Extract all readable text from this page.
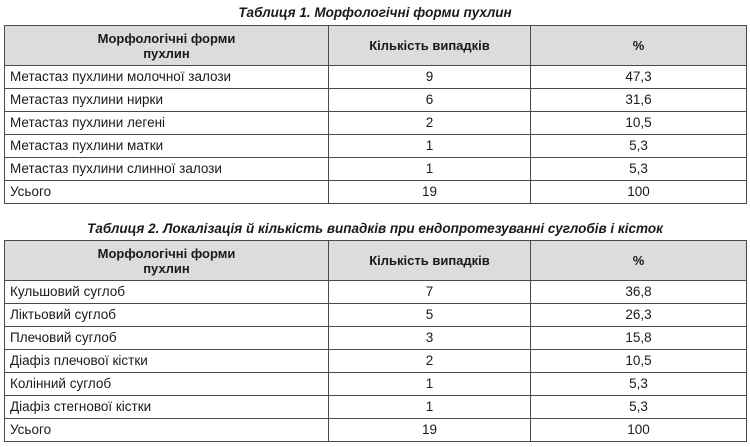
Таблиця 1. Морфологічні форми пухлин
Морфологічні форми
пухлин	Кількість випадків	%
Метастаз пухлини молочної залози	9	47,3
Метастаз пухлини нирки	6	31,6
Метастаз пухлини легені	2	10,5
Метастаз пухлини матки	1	5,3
Метастаз пухлини слинної залози	1	5,3
Усього	19	100
Таблиця 2. Локалізація й кількість випадків при ендопротезуванні суглобів і кісток
Морфологічні форми
пухлин	Кількість випадків	%
Кульшовий суглоб	7	36,8
Ліктьовий суглоб	5	26,3
Плечовий суглоб	3	15,8
Діафіз плечової кістки	2	10,5
Колінний суглоб	1	5,3
Діафіз стегнової кістки	1	5,3
Усього	19	100
